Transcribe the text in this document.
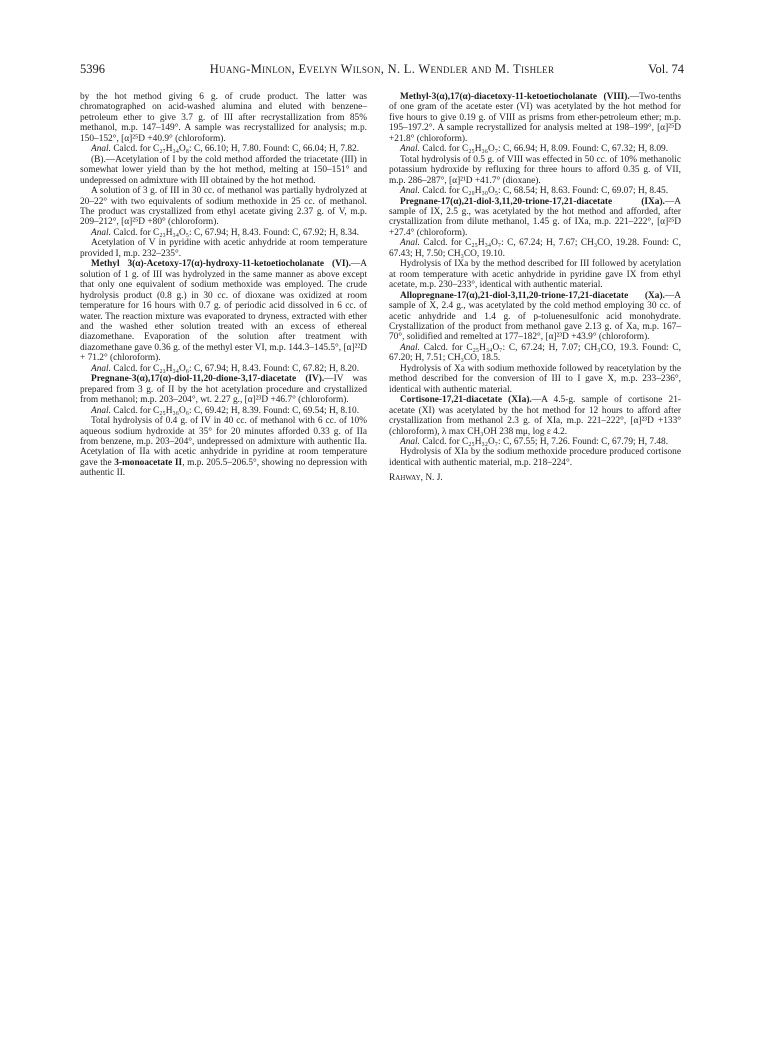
5396	Huang-Minlon, Evelyn Wilson, N. L. Wendler and M. Tishler	Vol. 74

by the hot method giving 6 g. of crude product. The latter was chromatographed on acid-washed alumina and eluted with benzene–petroleum ether to give 3.7 g. of III after recrystallization from 85% methanol, m.p. 147–149°. A sample was recrystallized for analysis; m.p. 150–152°, [α]²⁵D +40.9° (chloroform).

Anal. Calcd. for C₂₇H₃₄O₈: C, 66.10; H, 7.80. Found: C, 66.04; H, 7.82.

(B).—Acetylation of I by the cold method afforded the triacetate (III) in somewhat lower yield than by the hot method, melting at 150–151° and undepressed on admixture with III obtained by the hot method.

A solution of 3 g. of III in 30 cc. of methanol was partially hydrolyzed at 20–22° with two equivalents of sodium methoxide in 25 cc. of methanol. The product was crystallized from ethyl acetate giving 2.37 g. of V, m.p. 209–212°, [α]²⁵D +80° (chloroform).

Anal. Calcd. for C₂₃H₃₄O₅: C, 67.94; H, 8.43. Found: C, 67.92; H, 8.34.

Acetylation of V in pyridine with acetic anhydride at room temperature provided I, m.p. 232–235°.

Methyl 3(α)-Acetoxy-17(α)-hydroxy-11-ketoetiocholanate (VI).—A solution of 1 g. of III was hydrolyzed in the same manner as above except that only one equivalent of sodium methoxide was employed. The crude hydrolysis product (0.8 g.) in 30 cc. of dioxane was oxidized at room temperature for 16 hours with 0.7 g. of periodic acid dissolved in 6 cc. of water. The reaction mixture was evaporated to dryness, extracted with ether and the washed ether solution treated with an excess of ethereal diazomethane. Evaporation of the solution after treatment with diazomethane gave 0.36 g. of the methyl ester VI, m.p. 144.3–145.5°, [α]²²D + 71.2° (chloroform).

Anal. Calcd. for C₂₃H₃₄O₆: C, 67.94; H, 8.43. Found: C, 67.82; H, 8.20.

Pregnane-3(α),17(α)-diol-11,20-dione-3,17-diacetate (IV).—IV was prepared from 3 g. of II by the hot acetylation procedure and crystallized from methanol; m.p. 203–204°, wt. 2.27 g., [α]²³D +46.7° (chloroform).

Anal. Calcd. for C₂₅H₃₆O₆: C, 69.42; H, 8.39. Found: C, 69.54; H, 8.10.

Total hydrolysis of 0.4 g. of IV in 40 cc. of methanol with 6 cc. of 10% aqueous sodium hydroxide at 35° for 20 minutes afforded 0.33 g. of IIa from benzene, m.p. 203–204°, undepressed on admixture with authentic IIa. Acetylation of IIa with acetic anhydride in pyridine at room temperature gave the 3-monoacetate II, m.p. 205.5–206.5°, showing no depression with authentic II.

Methyl-3(α),17(α)-diacetoxy-11-ketoetiocholanate (VIII).—Two-tenths of one gram of the acetate ester (VI) was acetylated by the hot method for five hours to give 0.19 g. of VIII as prisms from ether-petroleum ether; m.p. 195–197.2°. A sample recrystallized for analysis melted at 198–199°, [α]²⁵D +21.8° (chloroform).

Anal. Calcd. for C₂₅H₃₆O₇: C, 66.94; H, 8.09. Found: C, 67.32; H, 8.09.

Total hydrolysis of 0.5 g. of VIII was effected in 50 cc. of 10% methanolic potassium hydroxide by refluxing for three hours to afford 0.35 g. of VII, m.p. 286–287°, [α]²¹D +41.7° (dioxane).

Anal. Calcd. for C₂₀H₃₀O₅: C, 68.54; H, 8.63. Found: C, 69.07; H, 8.45.

Pregnane-17(α),21-diol-3,11,20-trione-17,21-diacetate (IXa).—A sample of IX, 2.5 g., was acetylated by the hot method and afforded, after crystallization from dilute methanol, 1.45 g. of IXa, m.p. 221–222°, [α]²⁵D +27.4° (chloroform).

Anal. Calcd. for C₂₅H₃₄O₇: C, 67.24; H, 7.67; CH₃CO, 19.28. Found: C, 67.43; H, 7.50; CH₃CO, 19.10.

Hydrolysis of IXa by the method described for III followed by acetylation at room temperature with acetic anhydride in pyridine gave IX from ethyl acetate, m.p. 230–233°, identical with authentic material.

Allopregnane-17(α),21-diol-3,11,20-trione-17,21-diacetate (Xa).—A sample of X, 2.4 g., was acetylated by the cold method employing 30 cc. of acetic anhydride and 1.4 g. of p-toluenesulfonic acid monohydrate. Crystallization of the product from methanol gave 2.13 g. of Xa, m.p. 167–70°, solidified and remelted at 177–182°, [α]²³D +43.9° (chloroform).

Anal. Calcd. for C₂₅H₃₄O₇: C, 67.24; H, 7.07; CH₃CO, 19.3. Found: C, 67.20; H, 7.51; CH₃CO, 18.5.

Hydrolysis of Xa with sodium methoxide followed by reacetylation by the method described for the conversion of III to I gave X, m.p. 233–236°, identical with authentic material.

Cortisone-17,21-diacetate (XIa).—A 4.5-g. sample of cortisone 21-acetate (XI) was acetylated by the hot method for 12 hours to afford after crystallization from methanol 2.3 g. of XIa, m.p. 221–222°, [α]²³D +133° (chloroform), λ max CH₃OH 238 mμ, log ε 4.2.

Anal. Calcd. for C₂₅H₃₂O₇: C, 67.55; H, 7.26. Found: C, 67.79; H, 7.48.

Hydrolysis of XIa by the sodium methoxide procedure produced cortisone identical with authentic material, m.p. 218–224°.

Rahway, N. J.
